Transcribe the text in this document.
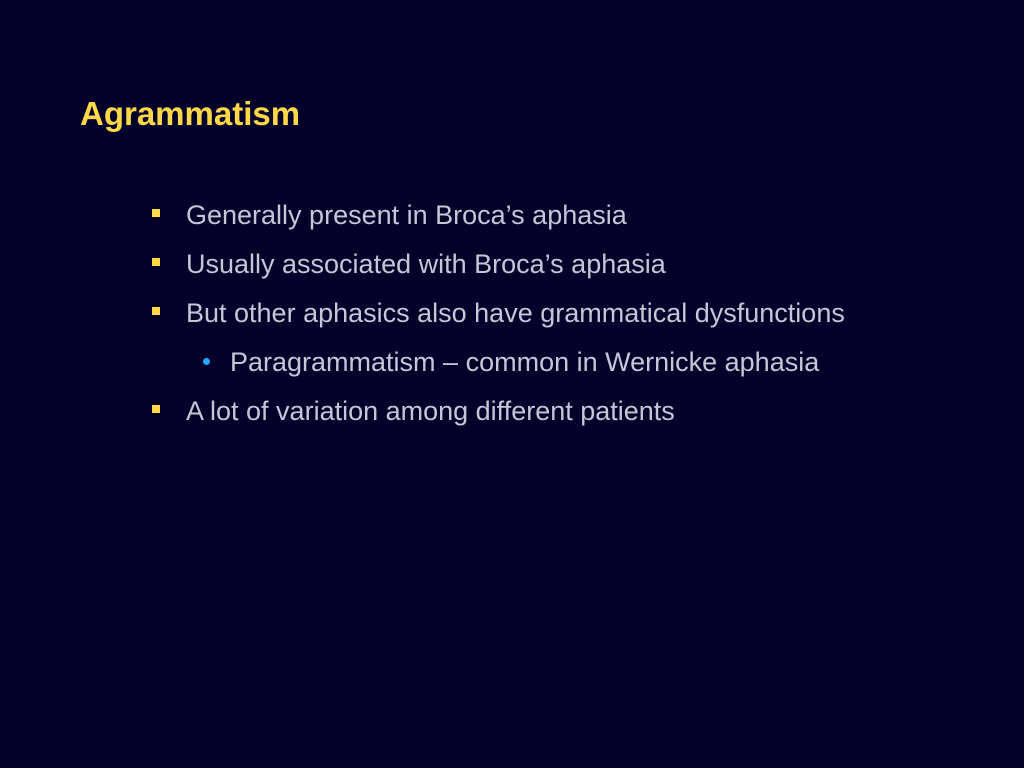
Agrammatism
Generally present in Broca’s aphasia
Usually associated with Broca’s aphasia
But other aphasics also have grammatical dysfunctions
Paragrammatism – common in Wernicke aphasia
A lot of variation among different patients
